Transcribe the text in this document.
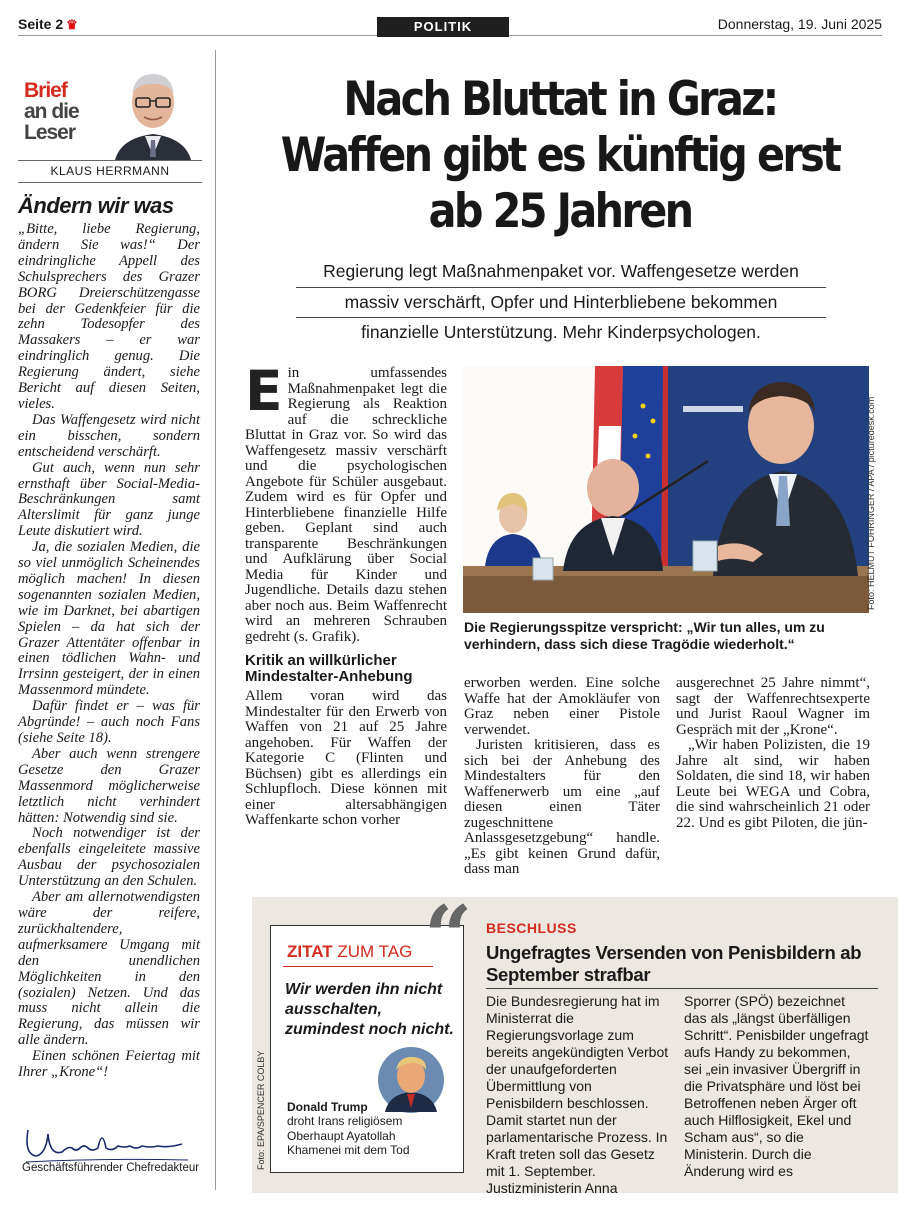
Seite 2 ♛	POLITIK	Donnerstag, 19. Juni 2025
Brief
an die
Leser
KLAUS HERRMANN
Ändern wir was

„Bitte, liebe Regierung, ändern Sie was!“ Der eindringliche Appell des Schulsprechers des Grazer BORG Dreierschützengasse bei der Gedenkfeier für die zehn Todesopfer des Massakers – er war eindringlich genug. Die Regierung ändert, siehe Bericht auf diesen Seiten, vieles.

Das Waffengesetz wird nicht ein bisschen, sondern entscheidend verschärft.

Gut auch, wenn nun sehr ernsthaft über Social-Media-Beschränkungen samt Alterslimit für ganz junge Leute diskutiert wird.

Ja, die sozialen Medien, die so viel unmöglich Scheinendes möglich machen! In diesen sogenannten sozialen Medien, wie im Darknet, bei abartigen Spielen – da hat sich der Grazer Attentäter offenbar in einen tödlichen Wahn- und Irrsinn gesteigert, der in einen Massenmord mündete.

Dafür findet er – was für Abgründe! – auch noch Fans (siehe Seite 18).

Aber auch wenn strengere Gesetze den Grazer Massenmord möglicherweise letztlich nicht verhindert hätten: Notwendig sind sie.

Noch notwendiger ist der ebenfalls eingeleitete massive Ausbau der psychosozialen Unterstützung an den Schulen.

Aber am allernotwendigsten wäre der reifere, zurückhaltendere, aufmerksamere Umgang mit den unendlichen Möglichkeiten in den (sozialen) Netzen. Und das muss nicht allein die Regierung, das müssen wir alle ändern.

Einen schönen Feiertag mit Ihrer „Krone“!

Geschäftsführender Chefredakteur
Nach Bluttat in Graz: Waffen gibt es künftig erst ab 25 Jahren
Regierung legt Maßnahmenpaket vor. Waffengesetze werden
massiv verschärft, Opfer und Hinterbliebene bekommen
finanzielle Unterstützung. Mehr Kinderpsychologen.

Ein umfassendes Maßnahmenpaket legt die Regierung als Reaktion auf die schreckliche Bluttat in Graz vor. So wird das Waffengesetz massiv verschärft und die psychologischen Angebote für Schüler ausgebaut. Zudem wird es für Opfer und Hinterbliebene finanzielle Hilfe geben. Geplant sind auch transparente Beschränkungen und Aufklärung über Social Media für Kinder und Jugendliche. Details dazu stehen aber noch aus. Beim Waffenrecht wird an mehreren Schrauben gedreht (s. Grafik).

Kritik an willkürlicher Mindestalter-Anhebung

Allem voran wird das Mindestalter für den Erwerb von Waffen von 21 auf 25 Jahre angehoben. Für Waffen der Kategorie C (Flinten und Büchsen) gibt es allerdings ein Schlupfloch. Diese können mit einer altersabhängigen Waffenkarte schon vorher

Foto: HELMUT FOHRINGER / APA / picturedesk.com
Die Regierungsspitze verspricht: „Wir tun alles, um zu verhindern, dass sich diese Tragödie wiederholt.“

erworben werden. Eine solche Waffe hat der Amokläufer von Graz neben einer Pistole verwendet.

Juristen kritisieren, dass es sich bei der Anhebung des Mindestalters für den Waffenerwerb um eine „auf diesen einen Täter zugeschnittene Anlassgesetzgebung“ handle. „Es gibt keinen Grund dafür, dass man

ausgerechnet 25 Jahre nimmt“, sagt der Waffenrechtsexperte und Jurist Raoul Wagner im Gespräch mit der „Krone“.

„Wir haben Polizisten, die 19 Jahre alt sind, wir haben Soldaten, die sind 18, wir haben Leute bei WEGA und Cobra, die sind wahrscheinlich 21 oder 22. Und es gibt Piloten, die jün-

Foto: EPA/SPENCER COLBY
ZITAT ZUM TAG
Wir werden ihn nicht ausschalten, zumindest noch nicht.
Donald Trump
droht Irans religiösem Oberhaupt Ayatollah Khamenei mit dem Tod
“ BESCHLUSS
Ungefragtes Versenden von Penisbildern ab September strafbar
Die Bundesregierung hat im Ministerrat die Regierungsvorlage zum bereits angekündigten Verbot der unaufgeforderten Übermittlung von Penisbildern beschlossen. Damit startet nun der parlamentarische Prozess. In Kraft treten soll das Gesetz mit 1. September. Justizministerin Anna
Sporrer (SPÖ) bezeichnet das als „längst überfälligen Schritt“. Penisbilder ungefragt aufs Handy zu bekommen, sei „ein invasiver Übergriff in die Privatsphäre und löst bei Betroffenen neben Ärger oft auch Hilflosigkeit, Ekel und Scham aus“, so die Ministerin. Durch die Änderung wird es
